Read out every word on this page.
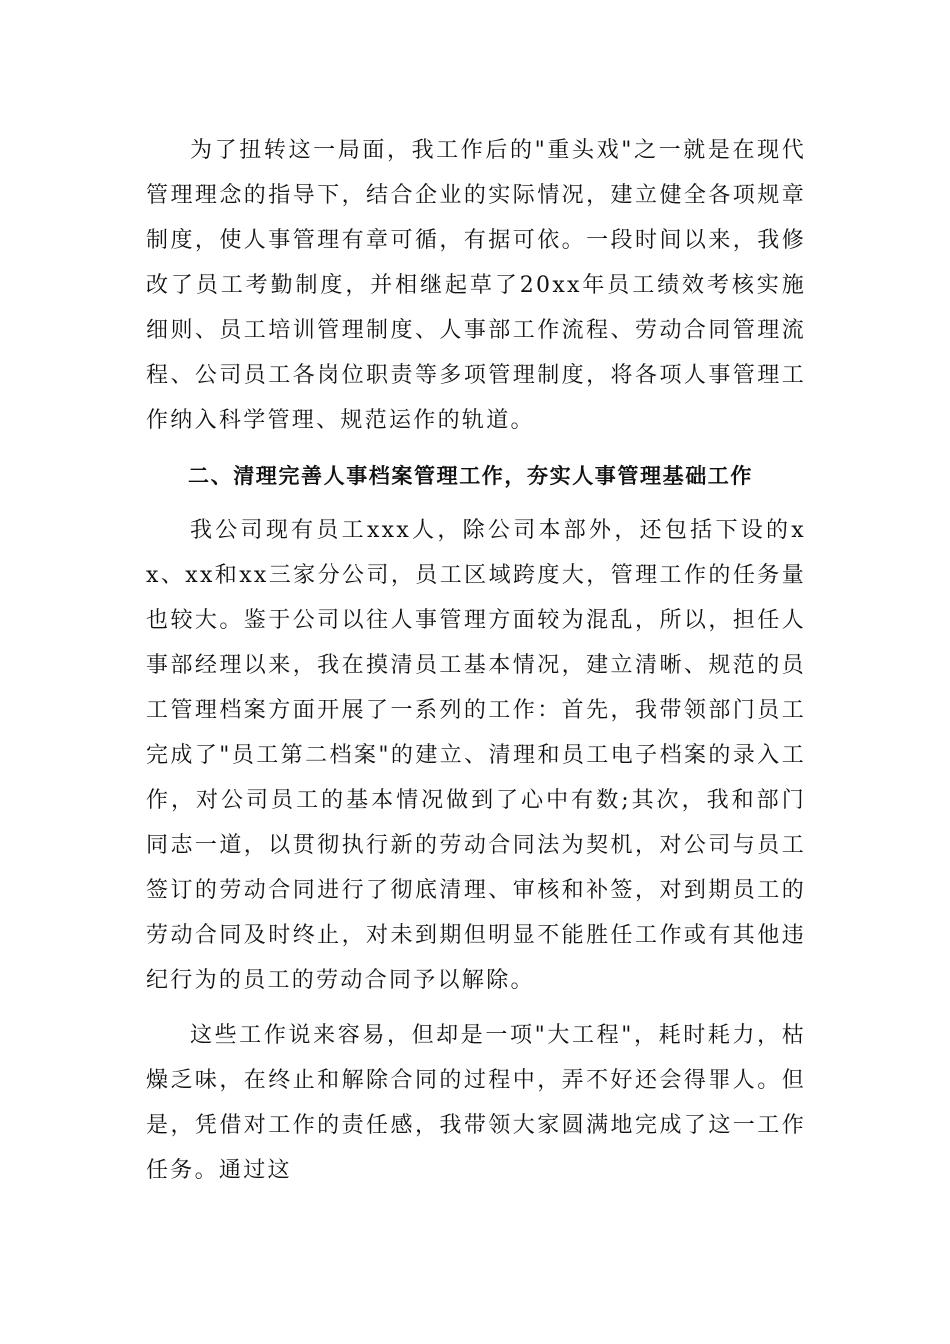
为了扭转这一局面，我工作后的"重头戏"之一就是在现代管理理念的指导下，结合企业的实际情况，建立健全各项规章制度，使人事管理有章可循，有据可依。一段时间以来，我修改了员工考勤制度，并相继起草了20xx年员工绩效考核实施细则、员工培训管理制度、人事部工作流程、劳动合同管理流程、公司员工各岗位职责等多项管理制度，将各项人事管理工作纳入科学管理、规范运作的轨道。

二、清理完善人事档案管理工作，夯实人事管理基础工作

我公司现有员工xxx人，除公司本部外，还包括下设的xx、xx和xx三家分公司，员工区域跨度大，管理工作的任务量也较大。鉴于公司以往人事管理方面较为混乱，所以，担任人事部经理以来，我在摸清员工基本情况，建立清晰、规范的员工管理档案方面开展了一系列的工作：首先，我带领部门员工完成了"员工第二档案"的建立、清理和员工电子档案的录入工作，对公司员工的基本情况做到了心中有数;其次，我和部门同志一道，以贯彻执行新的劳动合同法为契机，对公司与员工签订的劳动合同进行了彻底清理、审核和补签，对到期员工的劳动合同及时终止，对未到期但明显不能胜任工作或有其他违纪行为的员工的劳动合同予以解除。

这些工作说来容易，但却是一项"大工程"，耗时耗力，枯燥乏味，在终止和解除合同的过程中，弄不好还会得罪人。但是，凭借对工作的责任感，我带领大家圆满地完成了这一工作任务。通过这
